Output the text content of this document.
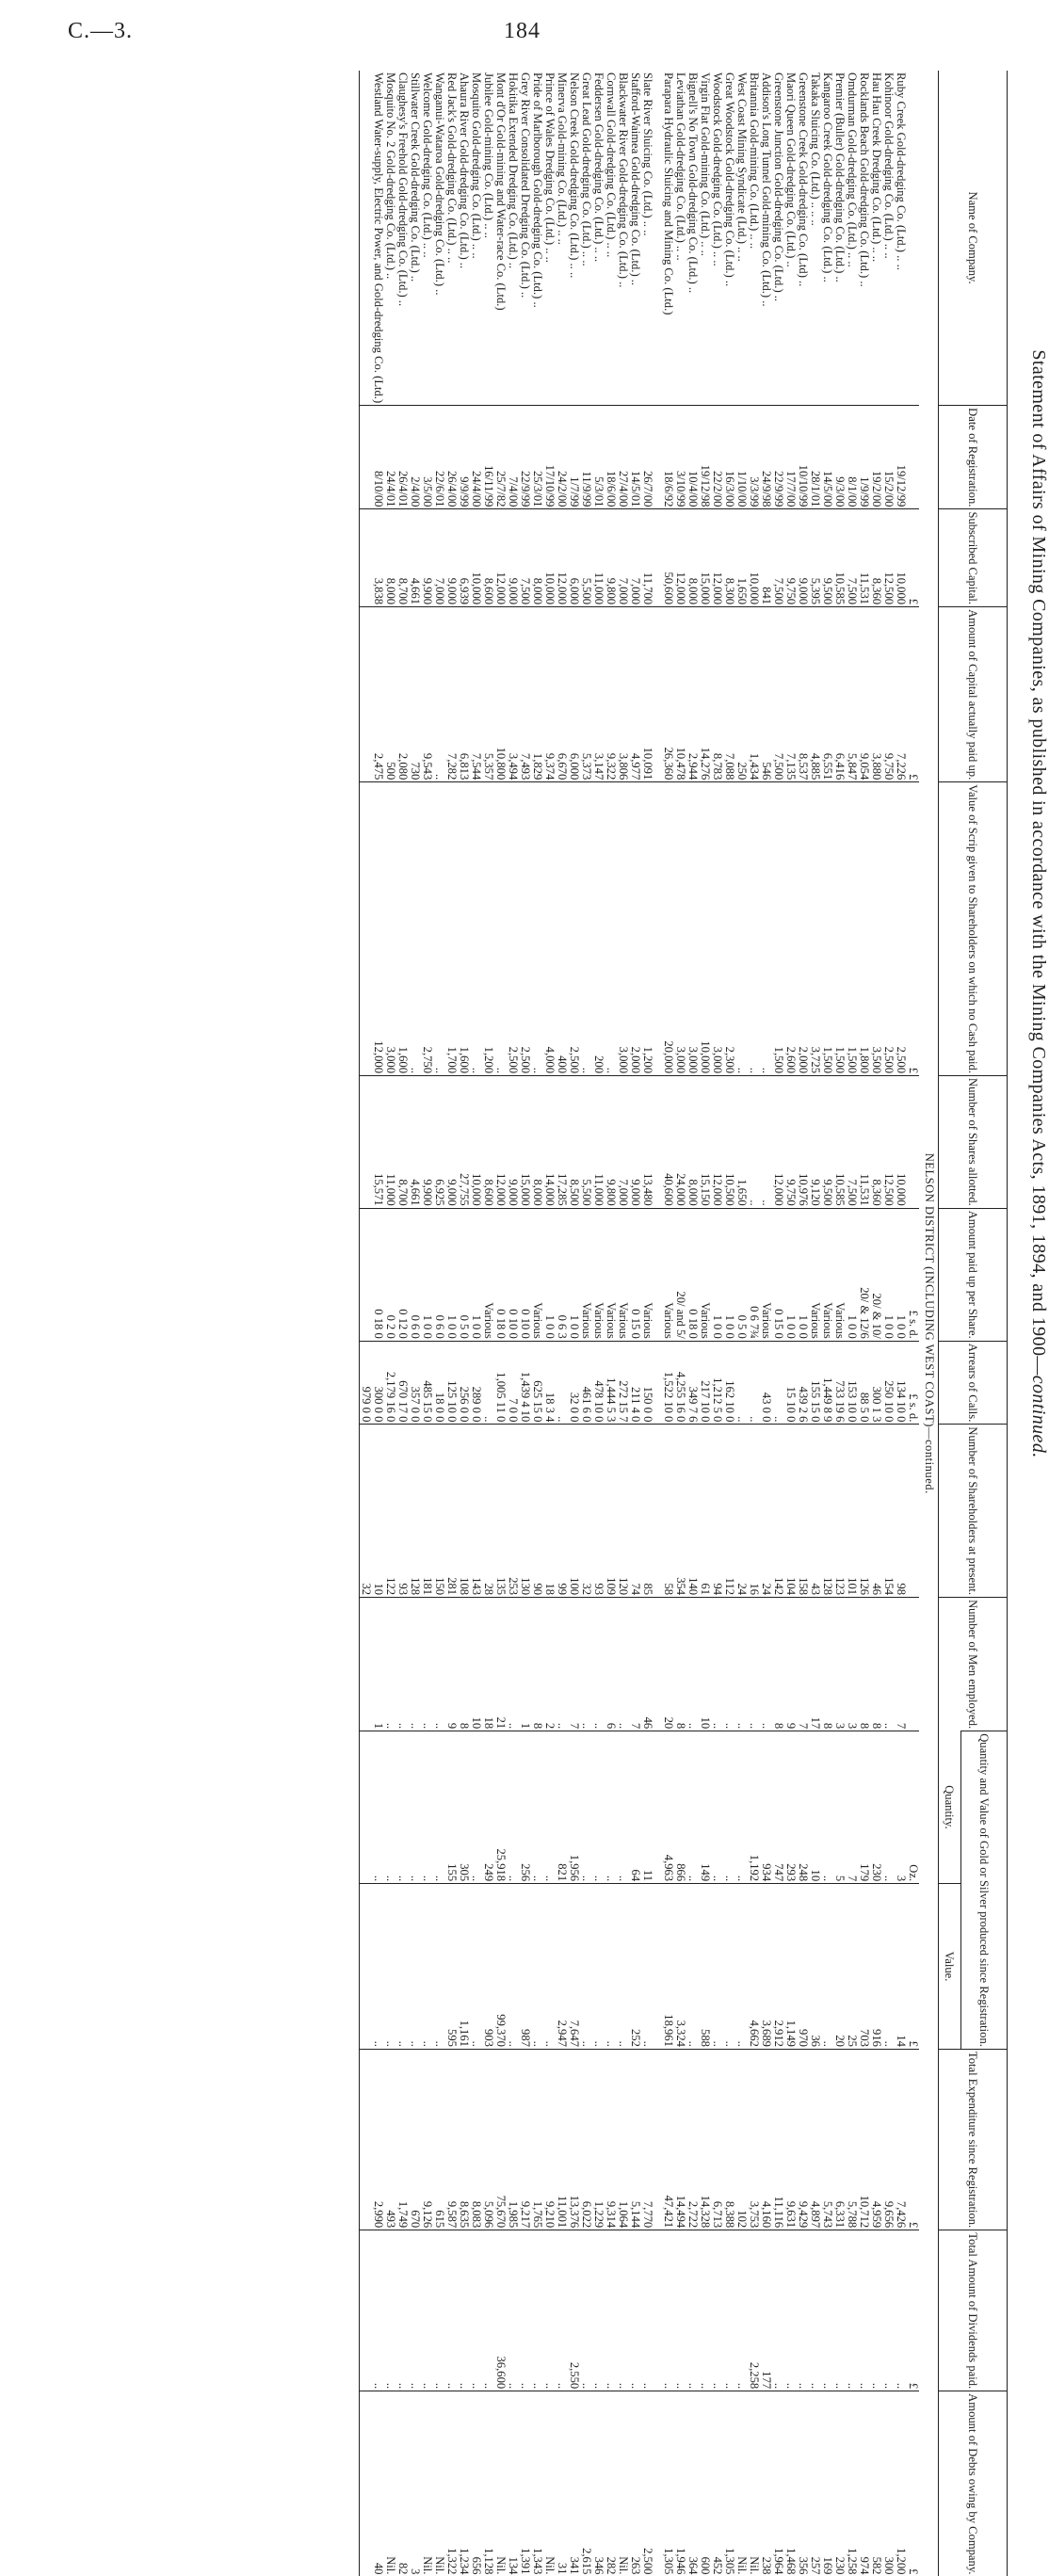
C.—3.	184
Statement of Affairs of Mining Companies, as published in accordance with the Mining Companies Acts, 1891, 1894, and 1900—continued.
Name of Company.	Date of Registration.	Subscribed Capital.	Amount of Capital actually paid up.	Value of Scrip given to Shareholders on which no Cash paid.	Number of Shares allotted.	Amount paid up per Share.	Arrears of Calls.	Number of Shareholders at present.	Number of Men employed.	Quantity and Value of Gold or Silver produced since Registration.		Total Expenditure since Registration.	Total Amount of Dividends paid.	Amount of Debts owing by Company.
										Quantity.	Value.			
NELSON DISTRICT (INCLUDING WEST COAST)—continued.														
		£	£	£		£ s. d.	£ s. d.			Oz.	£	£	£	£
Ruby Creek Gold-dredging Co. (Ltd.) .. ..	19/12/99	10,000	7,226	2,500	10,000	1 0 0	134 10 0	98	7	3	14	7,426	..	1,200
Kohinoor Gold-dredging Co. (Ltd.) .. ..	15/2/00	12,500	9,750	2,500	12,500	1 0 0	250 10 0	154	..	..	..	9,656	..	300
Hau Hau Creek Dredging Co. (Ltd.) .. ..	19/2/00	8,360	3,880	3,500	8,360	20/ & 10/	300 1 3	46	8	230	916	4,959	..	582
Rocklands Beach Gold-dredging Co. (Ltd.) ..	1/9/99	11,531	9,054	1,800	11,531	20/ & 12/6	88 5 0	126	8	179	703	10,712	..	974
Omdurman Gold-dredging Co. (Ltd.) .. ..	8/1/00	7,500	5,847	1,500	7,500	1 0 0	153 10 0	101	3	7	25	5,788	..	1,258
Premier (Buller) Gold-dredging Co. (Ltd.) ..	9/3/00	10,585	6,416	1,500	10,585	Various	733 19 6	123	3	5	20	6,331	..	230
Kangaroo Creek Gold-dredging Co. (Ltd.) ..	14/5/00	9,500	6,551	1,500	9,500	Various	1,449 8 9	128	8	..	..	5,743	..	169
Takaka Sluicing Co. (Ltd.) .. .. ..	28/1/01	5,395	4,885	3,725	9,120	Various	155 15 0	43	17	10	36	4,897	..	257
Greenstone Creek Gold-dredging Co. (Ltd) ..	10/10/99	9,000	8,537	2,000	10,976	1 0 0	439 2 6	158	7	248	970	9,429	..	356
Maori Queen Gold-dredging Co. (Ltd.) ..	17/7/00	9,750	7,135	2,600	9,750	1 0 0	15 10 0	104	9	293	1,149	9,631	..	1,468
Greenstone Junction Gold-dredging Co. (Ltd.) ..	22/9/99	7,500	7,500	1,500	12,000	0 15 0	..	142	8	747	2,912	11,116	..	1,964
Addison's Long Tunnel Gold-mining Co. (Ltd.) ..	24/9/98	841	546	..	..	Various	43 0 0	24	..	934	3,689	4,160	177	238
Britannia Gold-mining Co. (Ltd.) .. ..	3/3/99	10,000	1,434	..	..	0 6 7¾	..	16	..	1,192	4,662	3,753	2,258	Nil.
West Coast Mining Syndicate (Ltd.) .. ..	1/10/00	1,650	250	..	1,650	0 5 0	..	24	..	..	..	102	..	Nil.
Great Woodstock Gold-dredging Co. (Ltd.) ..	16/3/00	8,300	7,088	2,300	10,500	1 0 0	162 10 0	112	..	..	..	8,388	..	1,305
Woodstock Gold-dredging Co. (Ltd.) .. ..	22/2/00	12,000	8,783	3,000	12,000	1 0 0	1,212 5 0	94	..	..	..	6,713	..	452
Virgin Flat Gold-mining Co. (Ltd.) .. ..	19/12/98	15,000	14,276	10,000	15,150	Various	217 10 0	61	10	149	588	14,328	..	600
Bignell's No Town Gold-dredging Co. (Ltd.) ..	10/4/00	8,000	2,944	3,000	8,000	0 18 0	349 7 6	140	..	..	..	2,722	..	364
Leviathan Gold-dredging Co. (Ltd.) .. ..	3/10/99	12,000	10,478	3,000	24,000	20/ and 5/	4,255 16 0	354	8	866	3,324	14,494	..	1,946
Parapara Hydraulic Sluicing and Mining Co. (Ltd.)	18/6/92	50,600	26,360	20,000	40,600	Various	1,522 10 0	58	20	4,963	18,961	47,421	..	1,305

Slate River Sluicing Co. (Ltd.) .. ..	26/7/00	11,700	10,091	1,200	13,480	Various	150 0 0	85	46	11	..	7,770	..	2,500
Stafford-Waimea Gold-dredging Co. (Ltd.) ..	14/5/01	7,000	4,977	2,000	9,000	0 15 0	211 4 0	74	7	64	252	5,144	..	263
Blackwater River Gold-dredging Co. (Ltd.) ..	27/4/00	7,000	3,806	3,000	7,000	Various	272 15 7	120	..	..	..	1,064	..	Nil.
Cornwall Gold-dredging Co. (Ltd.) .. ..	18/6/00	9,800	9,322	..	9,800	Various	1,444 5 3	109	6	..	..	9,314	..	282
Feddersen Gold-dredging Co. (Ltd.) .. ..	5/3/01	11,000	3,147	200	11,000	Various	478 10 0	93	..	..	..	1,229	..	346
Great Lead Gold-dredging Co. (Ltd.) .. ..	11/9/99	5,500	5,373	..	5,500	Various	461 6 0	32	..	..	..	6,022	..	2,615
Nelson Creek Gold-dredging Co. (Ltd.) .. ..	1/7/99	6,000	6,000	2,500	8,500	1 0 0	32 0 0	100	7	1,956	7,647	13,376	2,550	341
Minerva Gold-mining Co. (Ltd.) .. ..	24/2/00	12,000	6,670	400	17,285	0 6 3	..	99	..	821	2,947	11,001	..	31
Prince of Wales Dredging Co. (Ltd.) .. ..	17/10/99	10,000	9,374	4,000	14,000	1 0 0	18 3 4	18	2	..	..	9,210	..	Nil.
Pride of Marlborough Gold-dredging Co. (Ltd.) ..	25/3/01	8,000	1,829	..	8,000	Various	625 15 0	90	8	..	..	1,765	..	1,343
Grey River Consolidated Dredging Co. (Ltd.) ..	22/9/99	7,500	7,493	2,500	15,000	0 10 0	1,439 4 10	130	1	256	987	9,217	..	1,391
Hokitika Extended Dredging Co. (Ltd.) ..	7/4/00	9,000	3,494	2,500	9,000	0 10 0	7 0 0	253	..	..	..	1,985	..	134
Mont d'Or Gold-mining and Water-race Co. (Ltd.)	25/7/82	12,000	10,800	..	12,000	0 18 0	1,005 11 0	135	21	25,918	99,370	75,670	36,600	Nil.
Jubilee Gold-mining Co. (Ltd.) .. ..	16/11/99	8,600	5,357	1,200	8,600	Various	..	28	18	249	903	5,096	..	1,128
Mosquito Gold-dredging Co. (Ltd.) .. ..	24/4/00	10,000	7,544	..	10,000	1 0 0	289 0 0	143	10	..	..	8,083	..	656
Ahaura River Gold-dredging Co. (Ltd.) ..	9/9/99	6,939	6,813	1,600	27,755	0 5 0	256 0 0	108	8	305	1,161	8,635	..	1,234
Red Jack's Gold-dredging Co. (Ltd.) .. ..	26/4/00	9,000	7,282	1,700	9,000	1 0 0	125 10 0	281	9	155	595	9,587	..	1,322
Wanganui-Wataroa Gold-dredging Co. (Ltd.) ..	22/6/01	7,000	..	..	6,925	0 6 0	18 0 0	150	..	..	..	615	..	Nil.
Welcome Gold-dredging Co. (Ltd.) .. ..	3/5/00	9,900	9,543	2,750	9,900	1 0 0	485 15 0	181	..	..	..	9,126	..	Nil.
Stillwater Creek Gold-dredging Co. (Ltd.) ..	2/4/00	4,661	730	..	4,661	0 6 0	357 0 0	128	..	..	..	670	..	3
Claughesy's Freehold Gold-dredging Co. (Ltd.) ..	26/4/01	8,700	2,080	1,600	8,700	0 12 0	670 17 0	93	..	..	..	1,749	..	82
Mosquito No. 2 Gold-dredging Co. (Ltd.) ..	24/4/01	8,000	500	3,000	11,000	0 2 0	2,179 16 0	122	..	..	..	493	..	Nil.
Westland Water-supply, Electric Power, and Gold-dredging Co. (Ltd.)	8/10/00	3,838	2,475	12,000	15,571	0 18 0	300 0 0	10	1	..	..	2,990	..	40
							979 0 0	32						
